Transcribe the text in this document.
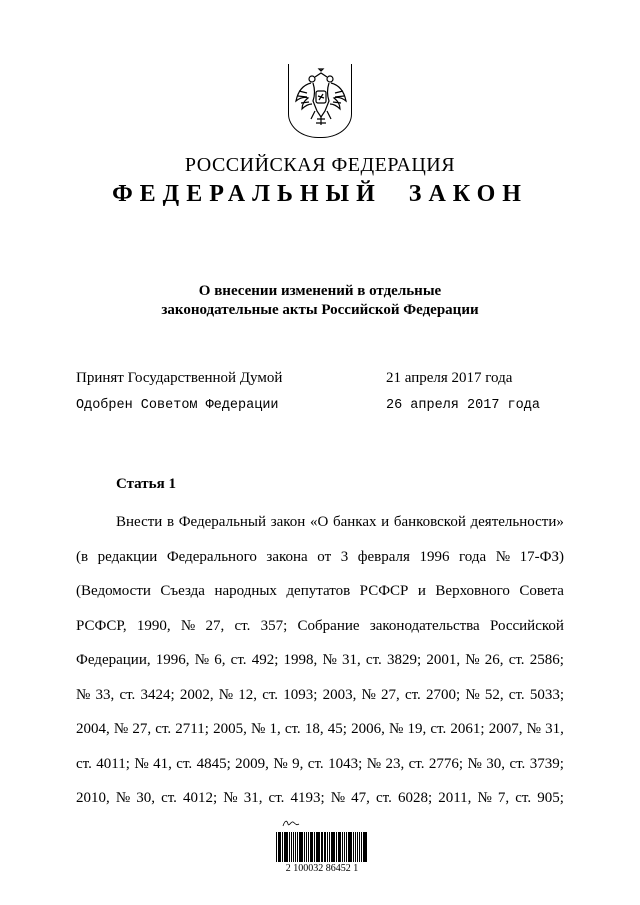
РОССИЙСКАЯ ФЕДЕРАЦИЯ
ФЕДЕРАЛЬНЫЙ ЗАКОН
О внесении изменений в отдельные
законодательные акты Российской Федерации
Принят Государственной Думой	21 апреля 2017 года
Одобрен Советом Федерации	26 апреля 2017 года
Статья 1
Внести в Федеральный закон «О банках и банковской деятельности»
(в редакции Федерального закона от 3 февраля 1996 года № 17-ФЗ)
(Ведомости Съезда народных депутатов РСФСР и Верховного Совета
РСФСР, 1990, № 27, ст. 357; Собрание законодательства Российской
Федерации, 1996, № 6, ст. 492; 1998, № 31, ст. 3829; 2001, № 26, ст. 2586;
№ 33, ст. 3424; 2002, № 12, ст. 1093; 2003, № 27, ст. 2700; № 52, ст. 5033;
2004, № 27, ст. 2711; 2005, № 1, ст. 18, 45; 2006, № 19, ст. 2061; 2007, № 31,
ст. 4011; № 41, ст. 4845; 2009, № 9, ст. 1043; № 23, ст. 2776; № 30, ст. 3739;
2010, № 30, ст. 4012; № 31, ст. 4193; № 47, ст. 6028; 2011, № 7, ст. 905;
2 100032 86452 1
